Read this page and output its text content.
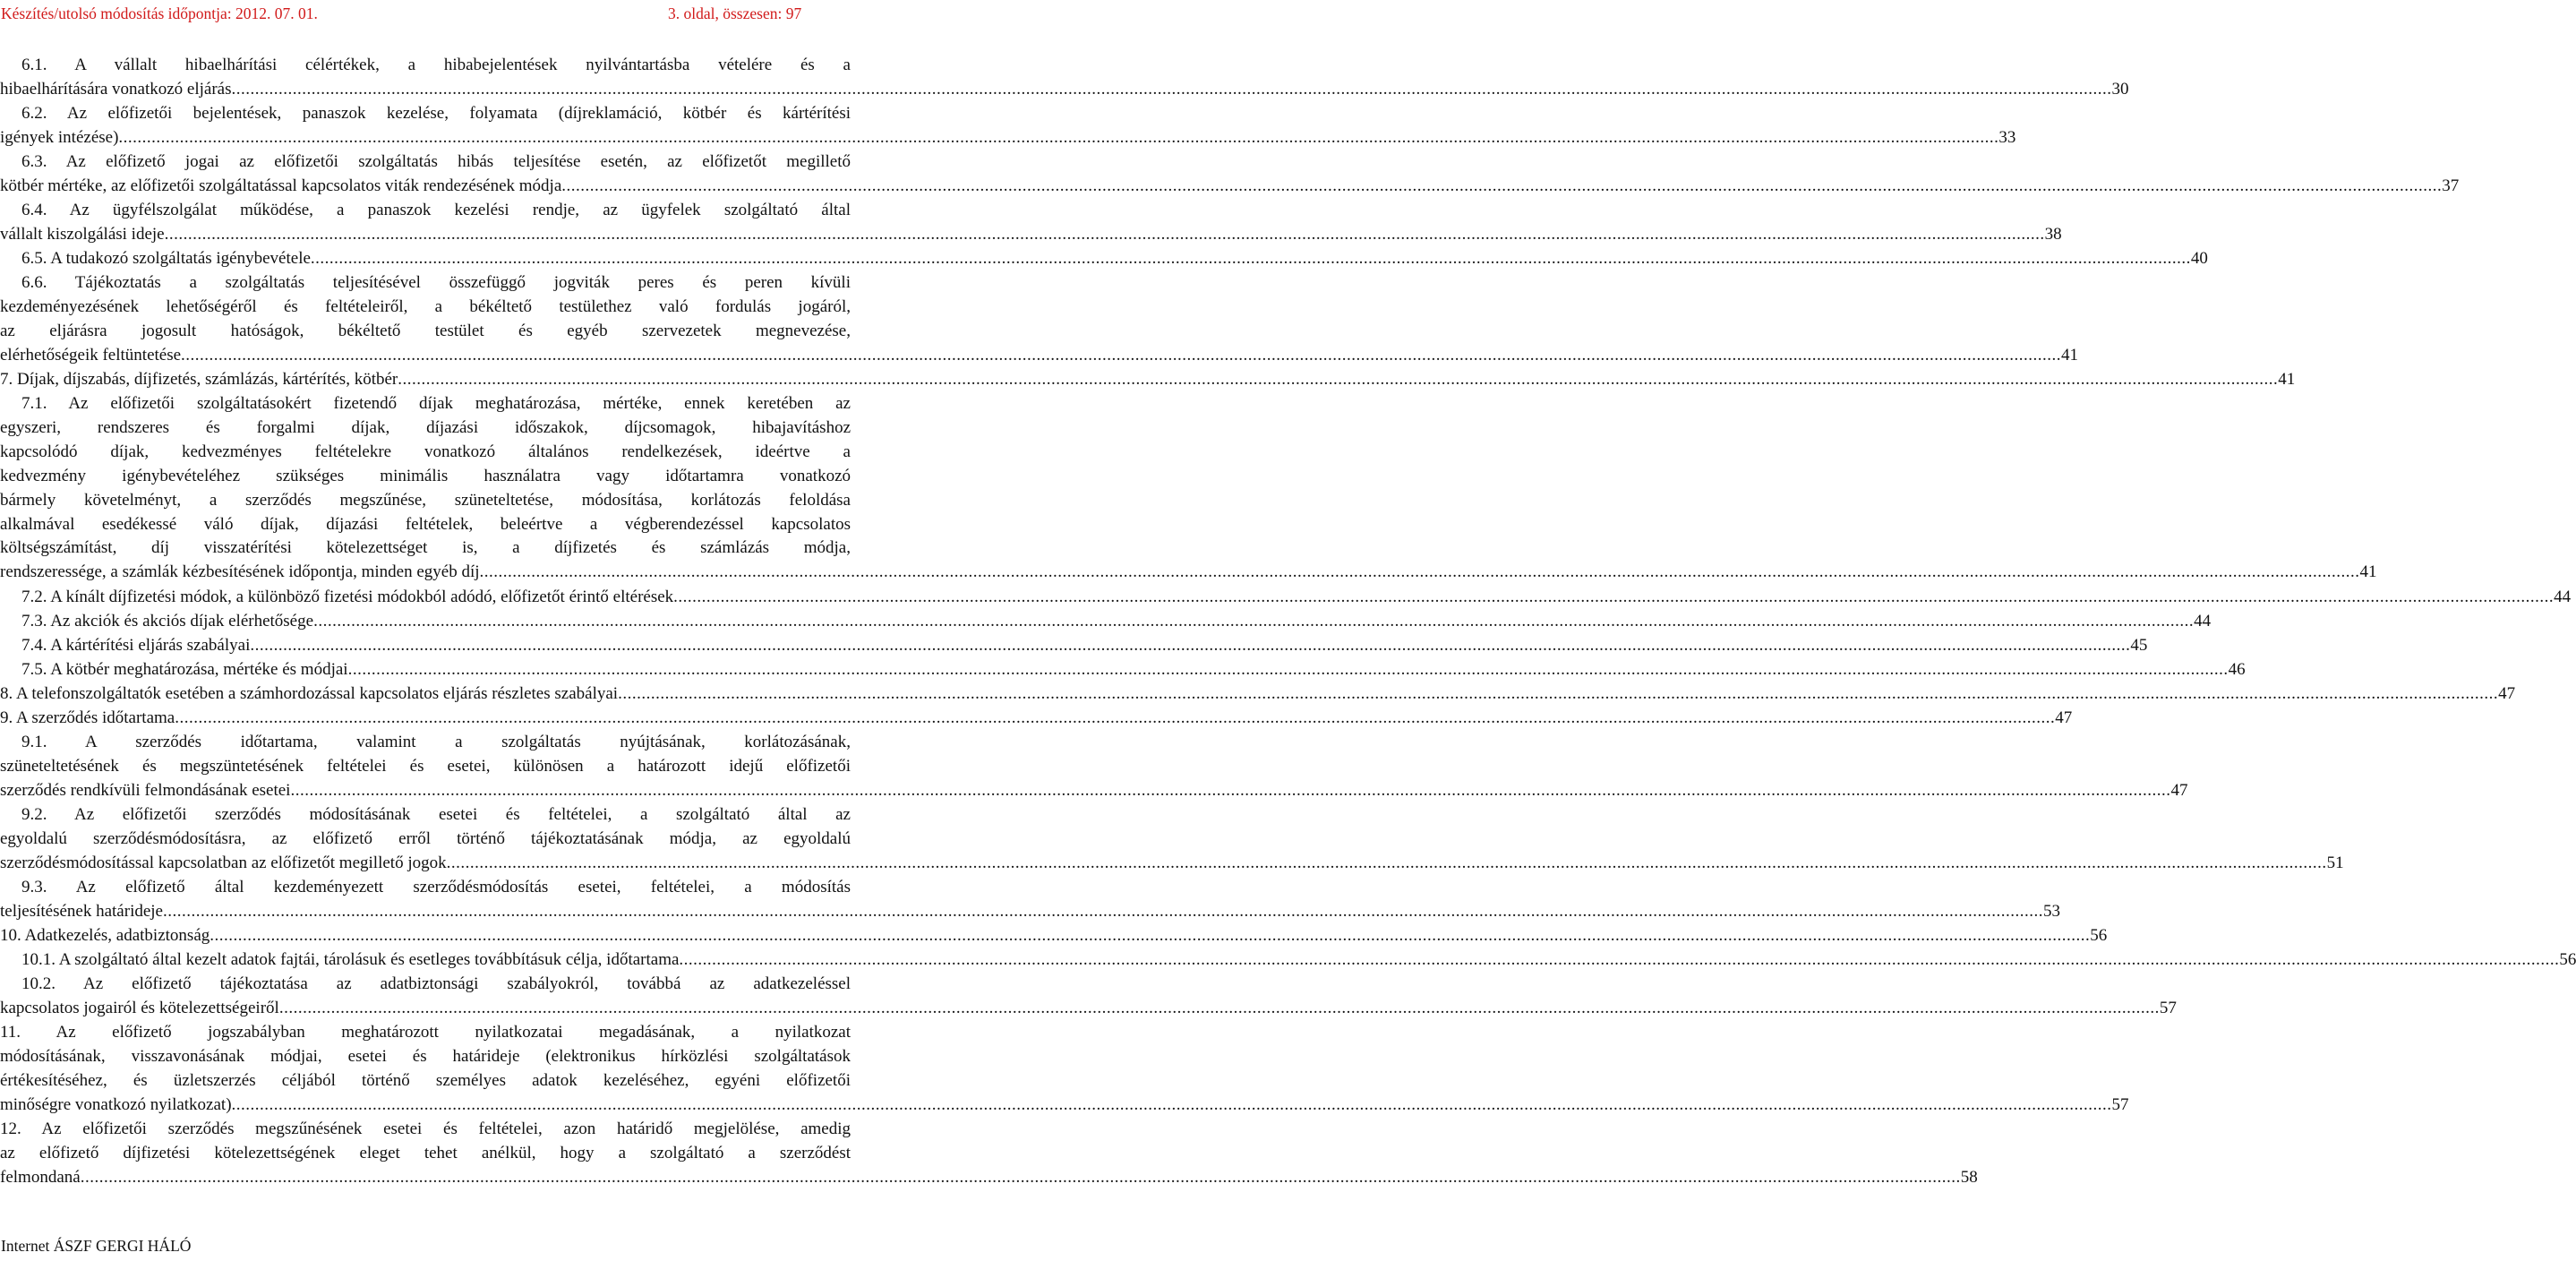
Készítés/utolsó módosítás időpontja: 2012. 07. 01.	3. oldal, összesen: 97
6.1. A vállalt hibaelhárítási célértékek, a hibabejelentések nyilvántartásba vételére és a
hibaelhárítására vonatkozó eljárás ................................................................................................................................................................................................................................................................................................................................................................................................................ 30
6.2. Az előfizetői bejelentések, panaszok kezelése, folyamata (díjreklamáció, kötbér és kártérítési
igények intézése) ................................................................................................................................................................................................................................................................................................................................................................................................................ 33
6.3. Az előfizető jogai az előfizetői szolgáltatás hibás teljesítése esetén, az előfizetőt megillető
kötbér mértéke, az előfizetői szolgáltatással kapcsolatos viták rendezésének módja ................................................................................................................................................................................................................................................................................................................................................................................................................ 37
6.4. Az ügyfélszolgálat működése, a panaszok kezelési rendje, az ügyfelek szolgáltató által
vállalt kiszolgálási ideje ................................................................................................................................................................................................................................................................................................................................................................................................................ 38
6.5. A tudakozó szolgáltatás igénybevétele ................................................................................................................................................................................................................................................................................................................................................................................................................ 40
6.6. Tájékoztatás a szolgáltatás teljesítésével összefüggő jogviták peres és peren kívüli
kezdeményezésének lehetőségéről és feltételeiről, a békéltető testülethez való fordulás jogáról,
az eljárásra jogosult hatóságok, békéltető testület és egyéb szervezetek megnevezése,
elérhetőségeik feltüntetése ................................................................................................................................................................................................................................................................................................................................................................................................................ 41
7. Díjak, díjszabás, díjfizetés, számlázás, kártérítés, kötbér ................................................................................................................................................................................................................................................................................................................................................................................................................ 41
7.1. Az előfizetői szolgáltatásokért fizetendő díjak meghatározása, mértéke, ennek keretében az
egyszeri, rendszeres és forgalmi díjak, díjazási időszakok, díjcsomagok, hibajavításhoz
kapcsolódó díjak, kedvezményes feltételekre vonatkozó általános rendelkezések, ideértve a
kedvezmény igénybevételéhez szükséges minimális használatra vagy időtartamra vonatkozó
bármely követelményt, a szerződés megszűnése, szüneteltetése, módosítása, korlátozás feloldása
alkalmával esedékessé váló díjak, díjazási feltételek, beleértve a végberendezéssel kapcsolatos
költségszámítást, díj visszatérítési kötelezettséget is, a díjfizetés és számlázás módja,
rendszeressége, a számlák kézbesítésének időpontja, minden egyéb díj ................................................................................................................................................................................................................................................................................................................................................................................................................ 41
7.2. A kínált díjfizetési módok, a különböző fizetési módokból adódó, előfizetőt érintő eltérések ................................................................................................................................................................................................................................................................................................................................................................................................................ 44
7.3. Az akciók és akciós díjak elérhetősége ................................................................................................................................................................................................................................................................................................................................................................................................................ 44
7.4. A kártérítési eljárás szabályai ................................................................................................................................................................................................................................................................................................................................................................................................................ 45
7.5. A kötbér meghatározása, mértéke és módjai ................................................................................................................................................................................................................................................................................................................................................................................................................ 46
8. A telefonszolgáltatók esetében a számhordozással kapcsolatos eljárás részletes szabályai ................................................................................................................................................................................................................................................................................................................................................................................................................ 47
9. A szerződés időtartama ................................................................................................................................................................................................................................................................................................................................................................................................................ 47
9.1. A szerződés időtartama, valamint a szolgáltatás nyújtásának, korlátozásának,
szüneteltetésének és megszüntetésének feltételei és esetei, különösen a határozott idejű előfizetői
szerződés rendkívüli felmondásának esetei ................................................................................................................................................................................................................................................................................................................................................................................................................ 47
9.2. Az előfizetői szerződés módosításának esetei és feltételei, a szolgáltató által az
egyoldalú szerződésmódosításra, az előfizető erről történő tájékoztatásának módja, az egyoldalú
szerződésmódosítással kapcsolatban az előfizetőt megillető jogok ................................................................................................................................................................................................................................................................................................................................................................................................................ 51
9.3. Az előfizető által kezdeményezett szerződésmódosítás esetei, feltételei, a módosítás
teljesítésének határideje ................................................................................................................................................................................................................................................................................................................................................................................................................ 53
10. Adatkezelés, adatbiztonság ................................................................................................................................................................................................................................................................................................................................................................................................................ 56
10.1. A szolgáltató által kezelt adatok fajtái, tárolásuk és esetleges továbbításuk célja, időtartama ................................................................................................................................................................................................................................................................................................................................................................................................................ 56
10.2. Az előfizető tájékoztatása az adatbiztonsági szabályokról, továbbá az adatkezeléssel
kapcsolatos jogairól és kötelezettségeiről ................................................................................................................................................................................................................................................................................................................................................................................................................ 57
11. Az előfizető jogszabályban meghatározott nyilatkozatai megadásának, a nyilatkozat
módosításának, visszavonásának módjai, esetei és határideje (elektronikus hírközlési szolgáltatások
értékesítéséhez, és üzletszerzés céljából történő személyes adatok kezeléséhez, egyéni előfizetői
minőségre vonatkozó nyilatkozat) ................................................................................................................................................................................................................................................................................................................................................................................................................ 57
12. Az előfizetői szerződés megszűnésének esetei és feltételei, azon határidő megjelölése, amedig
az előfizető díjfizetési kötelezettségének eleget tehet anélkül, hogy a szolgáltató a szerződést
felmondaná ................................................................................................................................................................................................................................................................................................................................................................................................................ 58
Internet ÁSZF GERGI HÁLÓ
